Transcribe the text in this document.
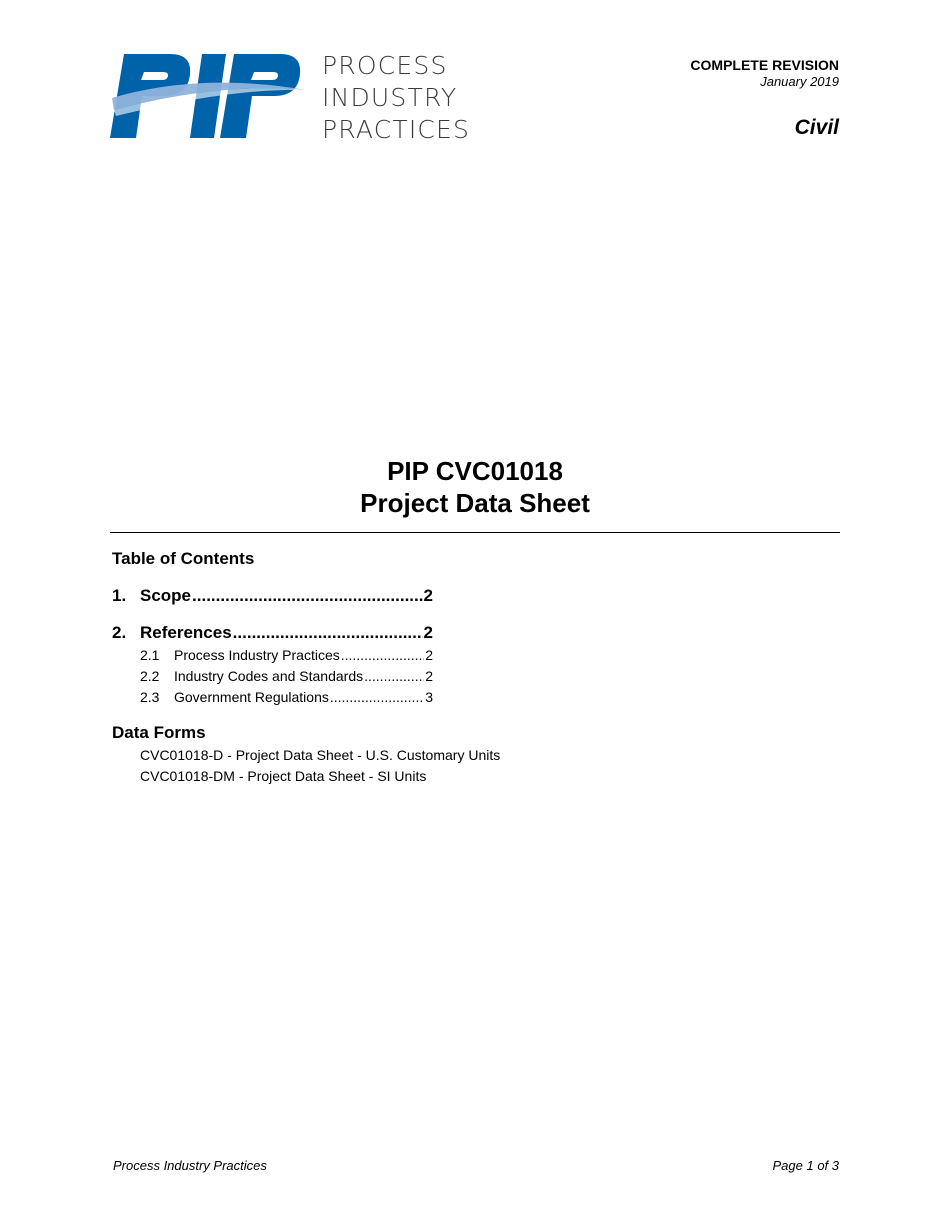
PROCESS
INDUSTRY
PRACTICES
COMPLETE REVISION
January 2019
Civil
PIP CVC01018
Project Data Sheet
Table of Contents
1. Scope .....	2
2. References .....	2
2.1	Process Industry Practices .....	2
2.2	Industry Codes and Standards .....	2
2.3	Government Regulations .....	3
Data Forms
CVC01018-D - Project Data Sheet - U.S. Customary Units
CVC01018-DM - Project Data Sheet - SI Units
Process Industry Practices	Page 1 of 3
